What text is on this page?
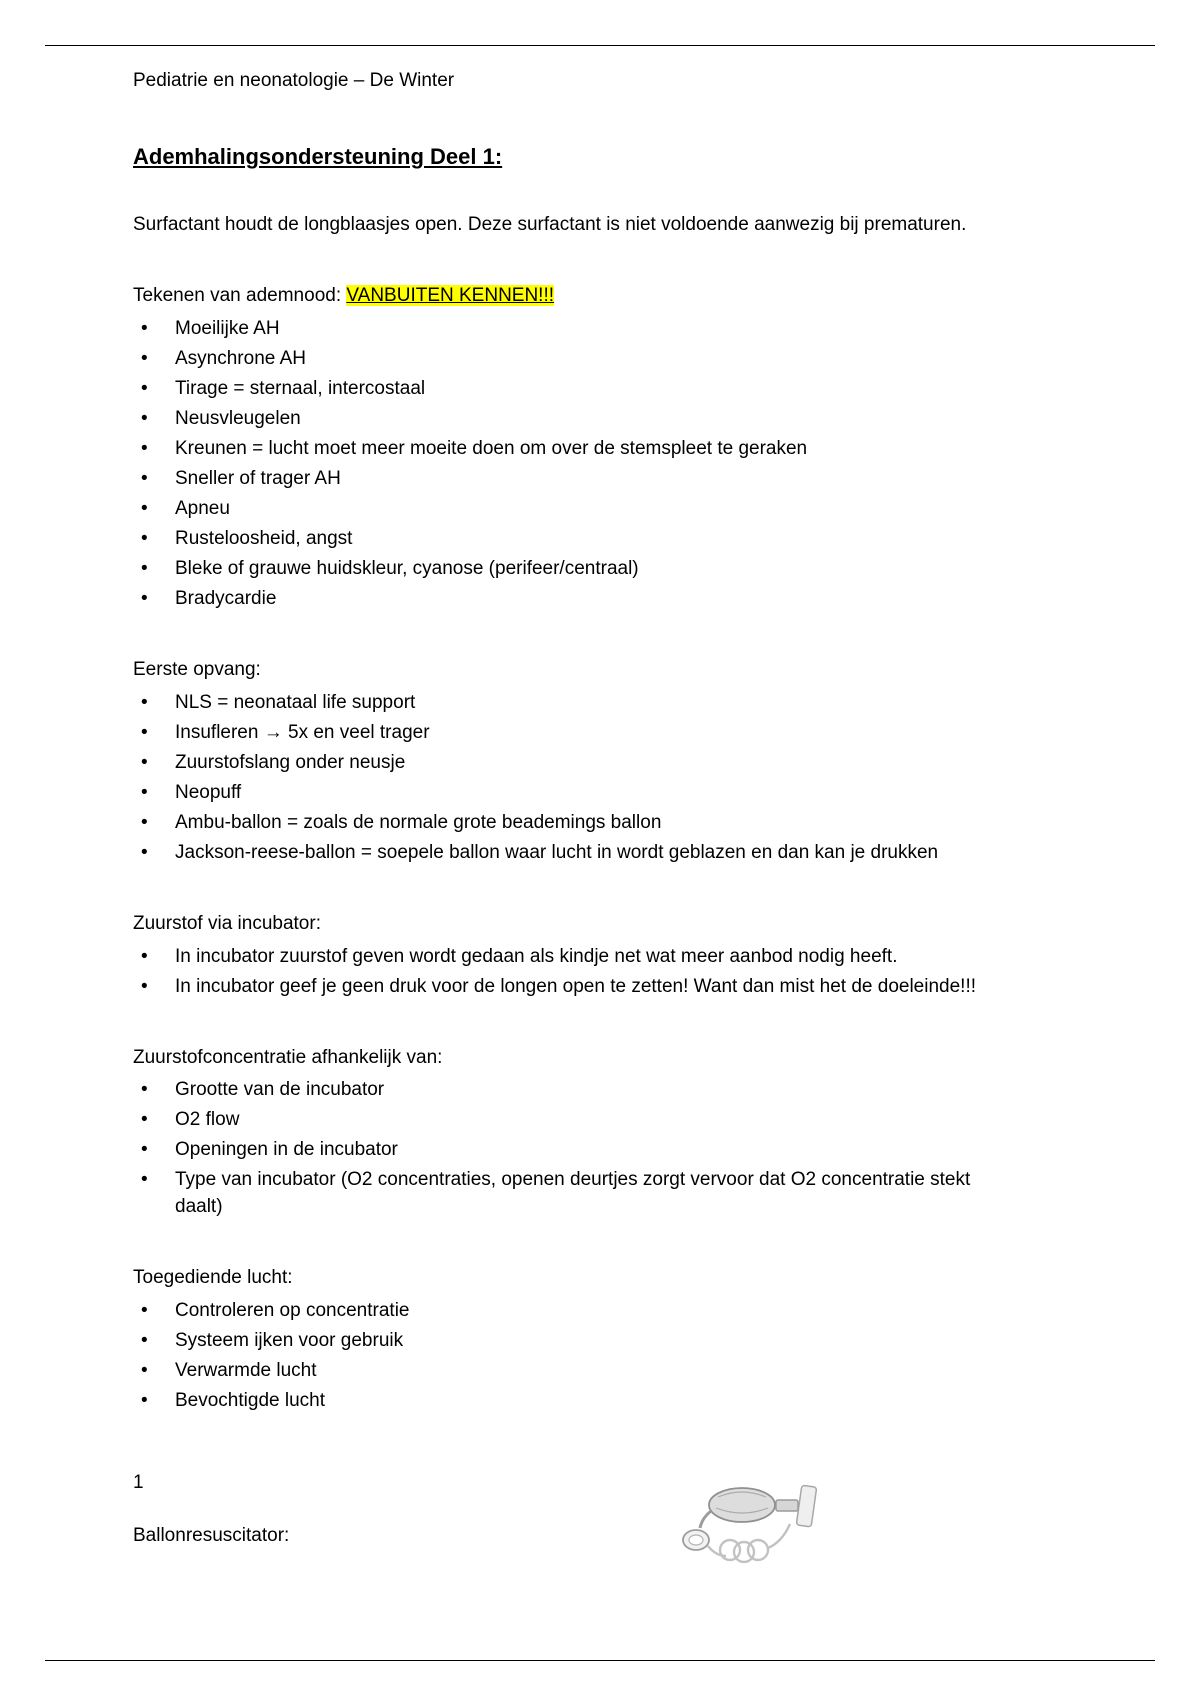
Pediatrie en neonatologie – De Winter

Ademhalingsondersteuning Deel 1:

Surfactant houdt de longblaasjes open. Deze surfactant is niet voldoende aanwezig bij prematuren.

Tekenen van ademnood: VANBUITEN KENNEN!!!

• Moeilijke AH
• Asynchrone AH
• Tirage = sternaal, intercostaal
• Neusvleugelen
• Kreunen = lucht moet meer moeite doen om over de stemspleet te geraken
• Sneller of trager AH
• Apneu
• Rusteloosheid, angst
• Bleke of grauwe huidskleur, cyanose (perifeer/centraal)
• Bradycardie

Eerste opvang:

• NLS = neonataal life support
• Insufleren → 5x en veel trager
• Zuurstofslang onder neusje
• Neopuff
• Ambu-ballon = zoals de normale grote beademings ballon
• Jackson-reese-ballon = soepele ballon waar lucht in wordt geblazen en dan kan je drukken

Zuurstof via incubator:

• In incubator zuurstof geven wordt gedaan als kindje net wat meer aanbod nodig heeft.
• In incubator geef je geen druk voor de longen open te zetten! Want dan mist het de doeleinde!!!

Zuurstofconcentratie afhankelijk van:

• Grootte van de incubator
• O2 flow
• Openingen in de incubator
• Type van incubator (O2 concentraties, openen deurtjes zorgt vervoor dat O2 concentratie stekt daalt)

Toegediende lucht:

• Controleren op concentratie
• Systeem ijken voor gebruik
• Verwarmde lucht
• Bevochtigde lucht

Ballonresuscitator:

1
